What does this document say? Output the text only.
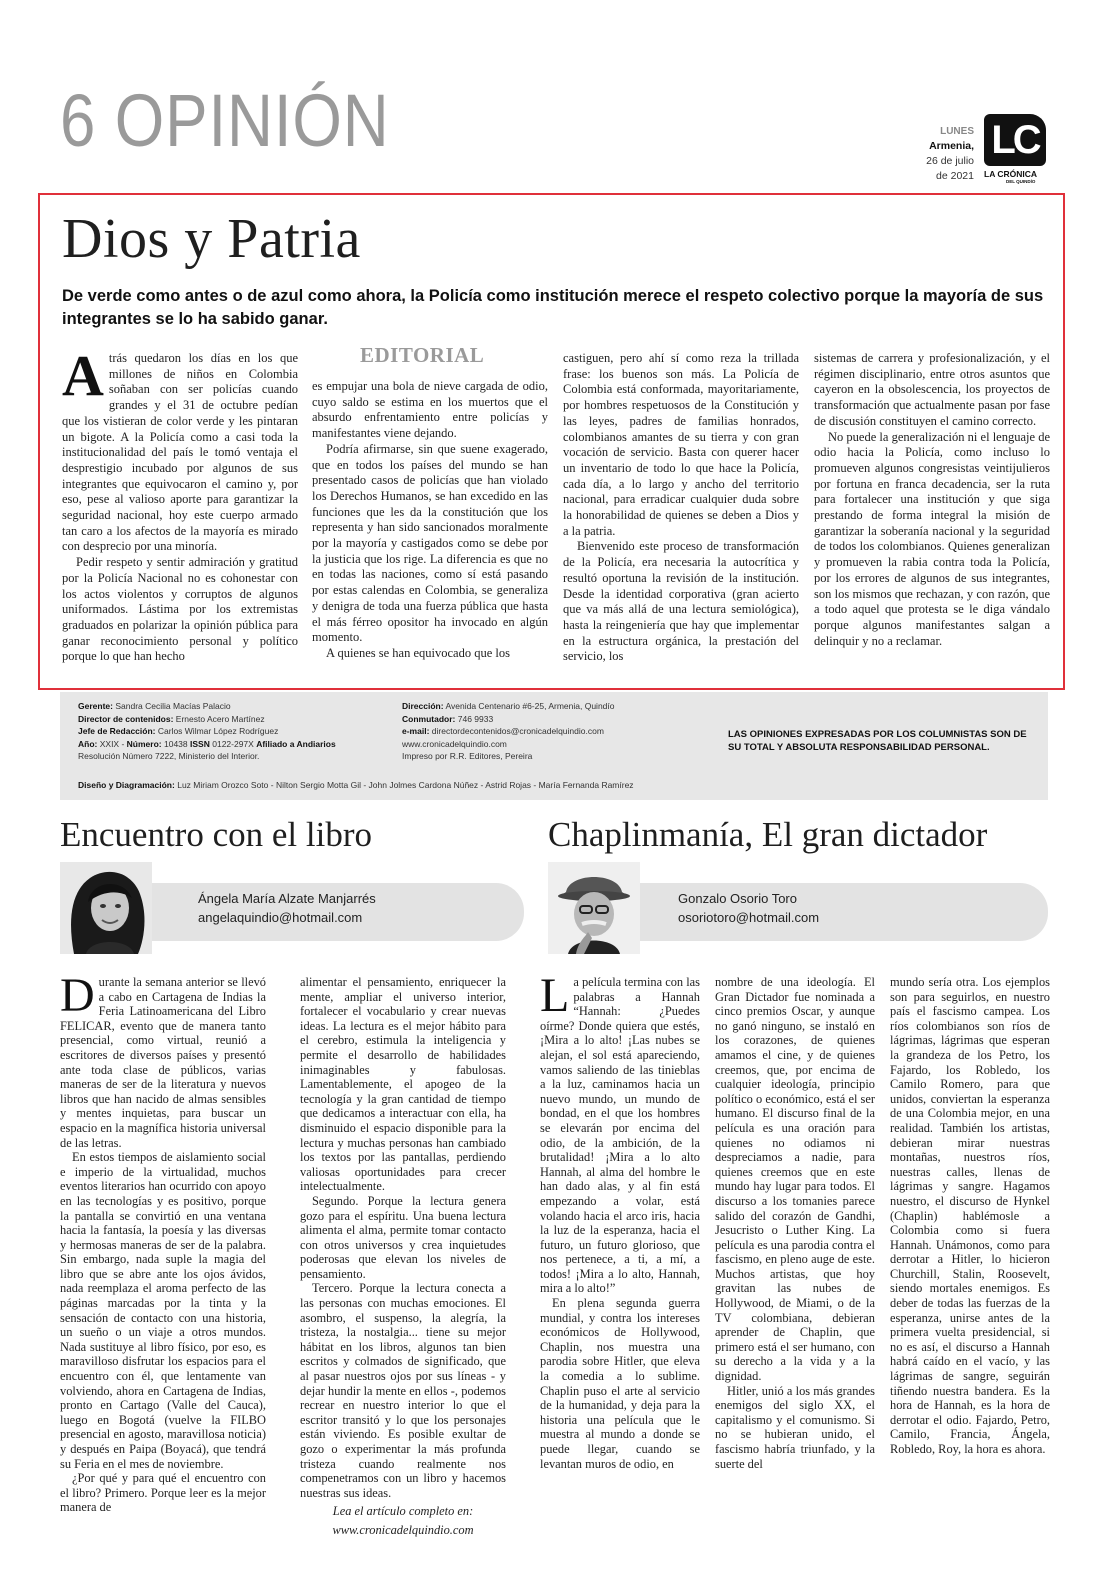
6 OPINIÓN	LUNES
Armenia,
26 de julio
de 2021
LC
LA CRÓNICA
DEL QUINDÍO
Dios y Patria
De verde como antes o de azul como ahora, la Policía como institución merece el respeto colectivo porque la mayoría de sus integrantes se lo ha sabido ganar.
EDITORIAL

Atrás quedaron los días en los que millones de niños en Colombia soñaban con ser policías cuando grandes y el 31 de octubre pedían que los vistieran de color verde y les pintaran un bigote. A la Policía como a casi toda la institucionalidad del país le tomó ventaja el desprestigio incubado por algunos de sus integrantes que equivocaron el camino y, por eso, pese al valioso aporte para garantizar la seguridad nacional, hoy este cuerpo armado tan caro a los afectos de la mayoría es mirado con desprecio por una minoría.

Pedir respeto y sentir admiración y gratitud por la Policía Nacional no es cohonestar con los actos violentos y corruptos de algunos uniformados. Lástima por los extremistas graduados en polarizar la opinión pública para ganar reconocimiento personal y político porque lo que han hecho

es empujar una bola de nieve cargada de odio, cuyo saldo se estima en los muertos que el absurdo enfrentamiento entre policías y manifestantes viene dejando.

Podría afirmarse, sin que suene exagerado, que en todos los países del mundo se han presentado casos de policías que han violado los Derechos Humanos, se han excedido en las funciones que les da la constitución que los representa y han sido sancionados moralmente por la mayoría y castigados como se debe por la justicia que los rige. La diferencia es que no en todas las naciones, como sí está pasando por estas calendas en Colombia, se generaliza y denigra de toda una fuerza pública que hasta el más férreo opositor ha invocado en algún momento.

A quienes se han equivocado que los

castiguen, pero ahí sí como reza la trillada frase: los buenos son más. La Policía de Colombia está conformada, mayoritariamente, por hombres respetuosos de la Constitución y las leyes, padres de familias honrados, colombianos amantes de su tierra y con gran vocación de servicio. Basta con querer hacer un inventario de todo lo que hace la Policía, cada día, a lo largo y ancho del territorio nacional, para erradicar cualquier duda sobre la honorabilidad de quienes se deben a Dios y a la patria.

Bienvenido este proceso de transformación de la Policía, era necesaria la autocrítica y resultó oportuna la revisión de la institución. Desde la identidad corporativa (gran acierto que va más allá de una lectura semiológica), hasta la reingeniería que hay que implementar en la estructura orgánica, la prestación del servicio, los

sistemas de carrera y profesionalización, y el régimen disciplinario, entre otros asuntos que cayeron en la obsolescencia, los proyectos de transformación que actualmente pasan por fase de discusión constituyen el camino correcto.

No puede la generalización ni el lenguaje de odio hacia la Policía, como incluso lo promueven algunos congresistas veintijulieros por fortuna en franca decadencia, ser la ruta para fortalecer una institución y que siga prestando de forma integral la misión de garantizar la soberanía nacional y la seguridad de todos los colombianos. Quienes generalizan y promueven la rabia contra toda la Policía, por los errores de algunos de sus integrantes, son los mismos que rechazan, y con razón, que a todo aquel que protesta se le diga vándalo porque algunos manifestantes salgan a delinquir y no a reclamar.

Gerente: Sandra Cecilia Macías Palacio
Director de contenidos: Ernesto Acero Martínez
Jefe de Redacción: Carlos Wilmar López Rodríguez
Año: XXIX - Número: 10438 ISSN 0122-297X Afiliado a Andiarios
Resolución Número 7222, Ministerio del Interior.
Dirección: Avenida Centenario #6-25, Armenia, Quindío
Conmutador: 746 9933
e-mail: directordecontenidos@cronicadelquindio.com
www.cronicadelquindio.com
Impreso por R.R. Editores, Pereira
LAS OPINIONES EXPRESADAS POR LOS COLUMNISTAS SON DE SU TOTAL Y ABSOLUTA RESPONSABILIDAD PERSONAL.
Diseño y Diagramación: Luz Miriam Orozco Soto - Nilton Sergio Motta Gil - John Jolmes Cardona Núñez - Astrid Rojas - María Fernanda Ramírez
Encuentro con el libro
Ángela María Alzate Manjarrés
angelaquindio@hotmail.com

Durante la semana anterior se llevó a cabo en Cartagena de Indias la Feria Latinoamericana del Libro FELICAR, evento que de manera tanto presencial, como virtual, reunió a escritores de diversos países y presentó ante toda clase de públicos, varias maneras de ser de la literatura y nuevos libros que han nacido de almas sensibles y mentes inquietas, para buscar un espacio en la magnífica historia universal de las letras.

En estos tiempos de aislamiento social e imperio de la virtualidad, muchos eventos literarios han ocurrido con apoyo en las tecnologías y es positivo, porque la pantalla se convirtió en una ventana hacia la fantasía, la poesía y las diversas y hermosas maneras de ser de la palabra. Sin embargo, nada suple la magia del libro que se abre ante los ojos ávidos, nada reemplaza el aroma perfecto de las páginas marcadas por la tinta y la sensación de contacto con una historia, un sueño o un viaje a otros mundos. Nada sustituye al libro físico, por eso, es maravilloso disfrutar los espacios para el encuentro con él, que lentamente van volviendo, ahora en Cartagena de Indias, pronto en Cartago (Valle del Cauca), luego en Bogotá (vuelve la FILBO presencial en agosto, maravillosa noticia) y después en Paipa (Boyacá), que tendrá su Feria en el mes de noviembre.

¿Por qué y para qué el encuentro con el libro? Primero. Porque leer es la mejor manera de

alimentar el pensamiento, enriquecer la mente, ampliar el universo interior, fortalecer el vocabulario y crear nuevas ideas. La lectura es el mejor hábito para el cerebro, estimula la inteligencia y permite el desarrollo de habilidades inimaginables y fabulosas. Lamentablemente, el apogeo de la tecnología y la gran cantidad de tiempo que dedicamos a interactuar con ella, ha disminuido el espacio disponible para la lectura y muchas personas han cambiado los textos por las pantallas, perdiendo valiosas oportunidades para crecer intelectualmente.

Segundo. Porque la lectura genera gozo para el espíritu. Una buena lectura alimenta el alma, permite tomar contacto con otros universos y crea inquietudes poderosas que elevan los niveles de pensamiento.

Tercero. Porque la lectura conecta a las personas con muchas emociones. El asombro, el suspenso, la alegría, la tristeza, la nostalgia... tiene su mejor hábitat en los libros, algunos tan bien escritos y colmados de significado, que al pasar nuestros ojos por sus líneas - y dejar hundir la mente en ellos -, podemos recrear en nuestro interior lo que el escritor transitó y lo que los personajes están viviendo. Es posible exultar de gozo o experimentar la más profunda tristeza cuando realmente nos compenetramos con un libro y hacemos nuestras sus ideas.

Lea el artículo completo en:

www.cronicadelquindio.com

Chaplinmanía, El gran dictador
Gonzalo Osorio Toro
osoriotoro@hotmail.com

La película termina con las palabras a Hannah “Hannah: ¿Puedes oírme? Donde quiera que estés, ¡Mira a lo alto! ¡Las nubes se alejan, el sol está apareciendo, vamos saliendo de las tinieblas a la luz, caminamos hacia un nuevo mundo, un mundo de bondad, en el que los hombres se elevarán por encima del odio, de la ambición, de la brutalidad! ¡Mira a lo alto Hannah, al alma del hombre le han dado alas, y al fin está empezando a volar, está volando hacia el arco iris, hacia la luz de la esperanza, hacia el futuro, un futuro glorioso, que nos pertenece, a ti, a mí, a todos! ¡Mira a lo alto, Hannah, mira a lo alto!”

En plena segunda guerra mundial, y contra los intereses económicos de Hollywood, Chaplin, nos muestra una parodia sobre Hitler, que eleva la comedia a lo sublime. Chaplin puso el arte al servicio de la humanidad, y deja para la historia una película que le muestra al mundo a donde se puede llegar, cuando se levantan muros de odio, en

nombre de una ideología. El Gran Dictador fue nominada a cinco premios Oscar, y aunque no ganó ninguno, se instaló en los corazones, de quienes amamos el cine, y de quienes creemos, que, por encima de cualquier ideología, principio político o económico, está el ser humano. El discurso final de la película es una oración para quienes no odiamos ni despreciamos a nadie, para quienes creemos que en este mundo hay lugar para todos. El discurso a los tomanies parece salido del corazón de Gandhi, Jesucristo o Luther King. La película es una parodia contra el fascismo, en pleno auge de este. Muchos artistas, que hoy gravitan las nubes de Hollywood, de Miami, o de la TV colombiana, debieran aprender de Chaplin, que primero está el ser humano, con su derecho a la vida y a la dignidad.

Hitler, unió a los más grandes enemigos del siglo XX, el capitalismo y el comunismo. Si no se hubieran unido, el fascismo habría triunfado, y la suerte del

mundo sería otra. Los ejemplos son para seguirlos, en nuestro país el fascismo campea. Los ríos colombianos son ríos de lágrimas, lágrimas que esperan la grandeza de los Petro, los Fajardo, los Robledo, los Camilo Romero, para que unidos, conviertan la esperanza de una Colombia mejor, en una realidad. También los artistas, debieran mirar nuestras montañas, nuestros ríos, nuestras calles, llenas de lágrimas y sangre. Hagamos nuestro, el discurso de Hynkel (Chaplin) hablémosle a Colombia como si fuera Hannah. Unámonos, como para derrotar a Hitler, lo hicieron Churchill, Stalin, Roosevelt, siendo mortales enemigos. Es deber de todas las fuerzas de la esperanza, unirse antes de la primera vuelta presidencial, si no es así, el discurso a Hannah habrá caído en el vacío, y las lágrimas de sangre, seguirán tiñendo nuestra bandera. Es la hora de Hannah, es la hora de derrotar el odio. Fajardo, Petro, Camilo, Francia, Ángela, Robledo, Roy, la hora es ahora.
